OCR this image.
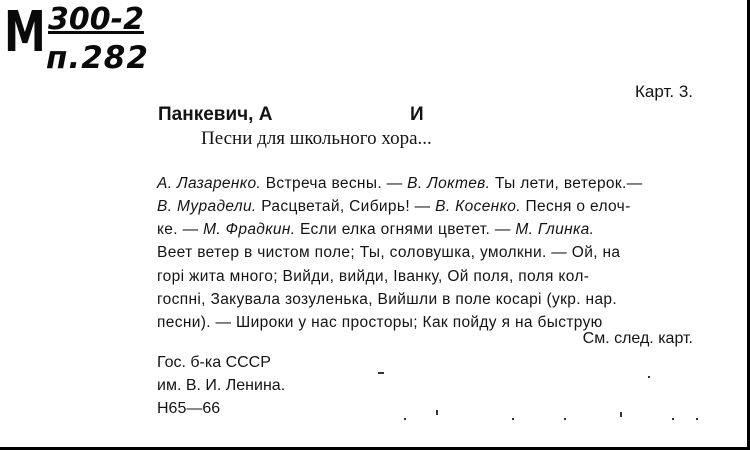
М 300-2
п.282
Карт. 3.
Панкевич, А	И
Песни для школьного хора...
А. Лазаренко. Встреча весны. — В. Локтев. Ты лети, ветерок.—
В. Мурадели. Расцветай, Сибирь! — В. Косенко. Песня о елоч-
ке. — М. Фрадкин. Если елка огнями цветет. — М. Глинка.
Веет ветер в чистом поле; Ты, соловушка, умолкни. — Ой, на
горі жита много; Вийди, вийди, Іванку, Ой поля, поля кол-
госпні, Закувала зозуленька, Вийшли в поле косарі (укр. нар.
песни). — Широки у нас просторы; Как пойду я на быструю
См. след. карт.
Гос. б-ка СССР
им. В. И. Ленина.
Н65—66
